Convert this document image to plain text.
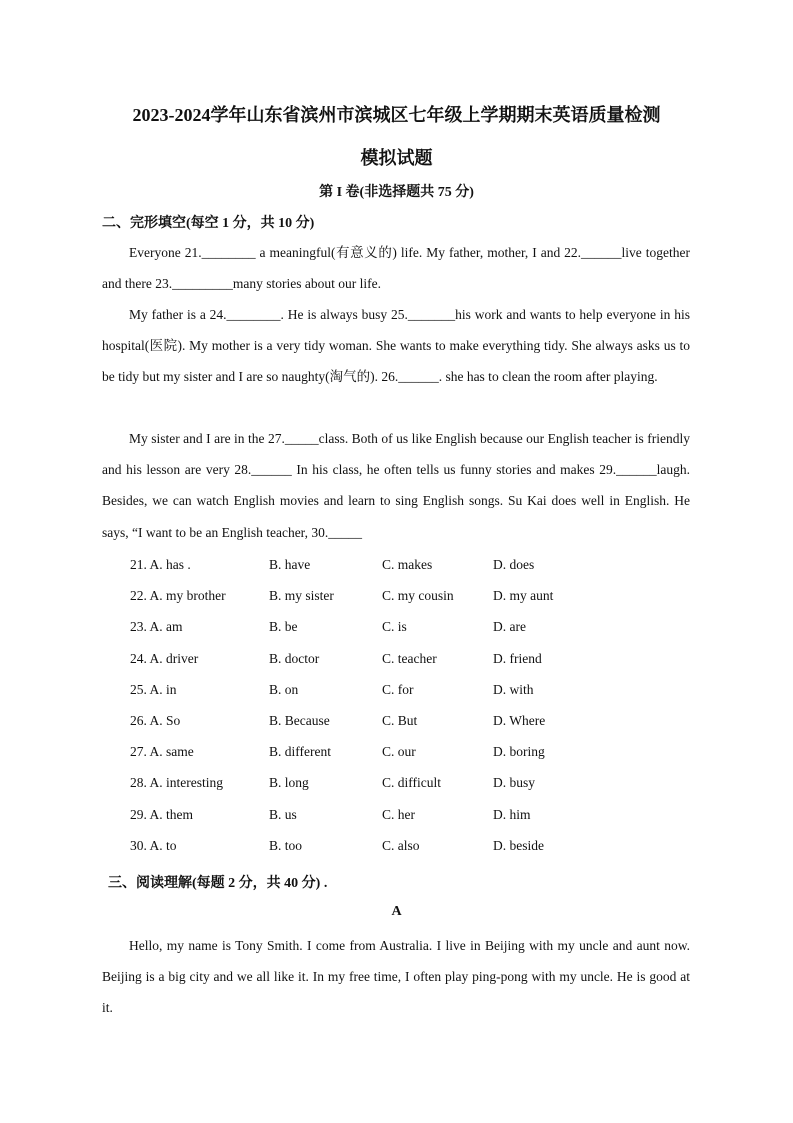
2023-2024学年山东省滨州市滨城区七年级上学期期末英语质量检测
模拟试题
第 I 卷(非选择题共 75 分)
二、完形填空(每空 1 分，共 10 分)

Everyone 21.________ a meaningful(有意义的) life. My father, mother, I and 22.______live together and there 23._________many stories about our life.

My father is a 24.________. He is always busy 25._______his work and wants to help everyone in his hospital(医院). My mother is a very tidy woman. She wants to make everything tidy. She always asks us to be tidy but my sister and I are so naughty(淘气的). 26.______. she has to clean the room after playing.

My sister and I are in the 27._____class. Both of us like English because our English teacher is friendly and his lesson are very 28.______ In his class, he often tells us funny stories and makes 29.______laugh. Besides, we can watch English movies and learn to sing English songs. Su Kai does well in English. He says, “I want to be an English teacher, 30._____

21. A. has .	B. have	C. makes	D. does
22. A. my brother	B. my sister	C. my cousin	D. my aunt
23. A. am	B. be	C. is	D. are
24. A. driver	B. doctor	C. teacher	D. friend
25. A. in	B. on	C. for	D. with
26. A. So	B. Because	C. But	D. Where
27. A. same	B. different	C. our	D. boring
28. A. interesting	B. long	C. difficult	D. busy
29. A. them	B. us	C. her	D. him
30. A. to	B. too	C. also	D. beside
三、阅读理解(每题 2 分，共 40 分) .
A

Hello, my name is Tony Smith. I come from Australia. I live in Beijing with my uncle and aunt now. Beijing is a big city and we all like it. In my free time, I often play ping-pong with my uncle. He is good at it.
